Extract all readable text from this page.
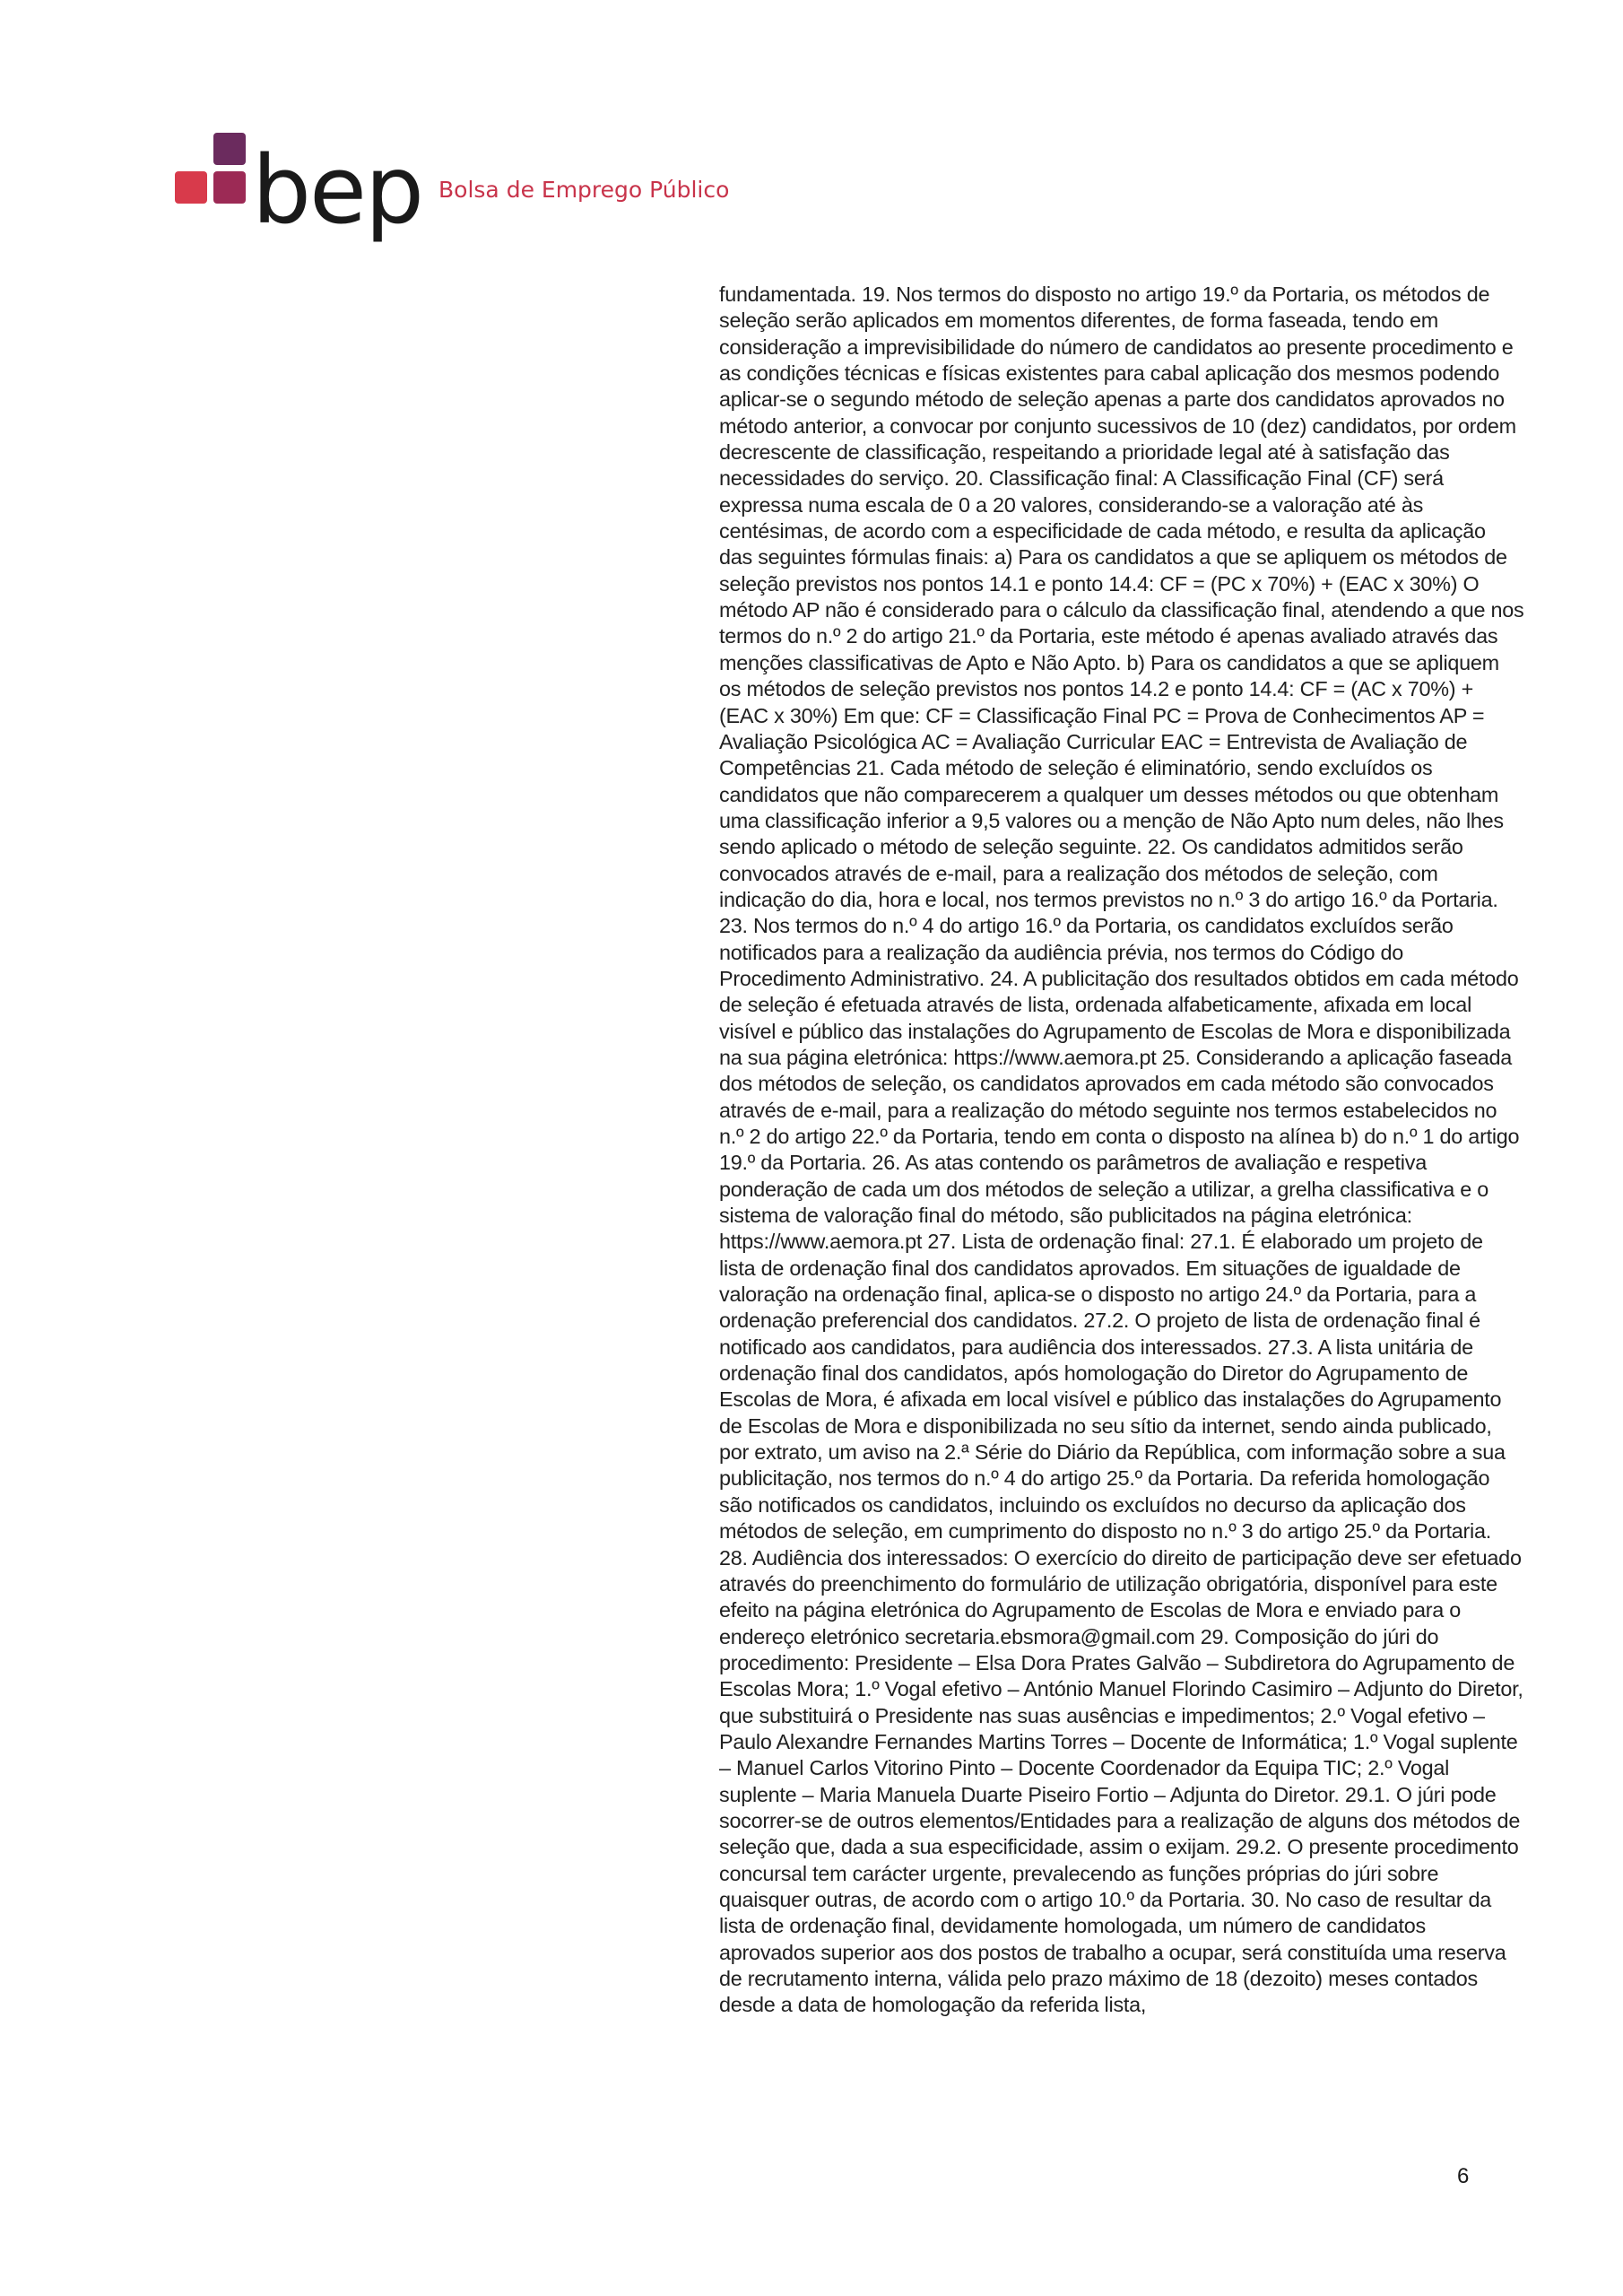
bep Bolsa de Emprego Público

fundamentada. 19. Nos termos do disposto no artigo 19.º da Portaria, os métodos de seleção serão aplicados em momentos diferentes, de forma faseada, tendo em consideração a imprevisibilidade do número de candidatos ao presente procedimento e as condições técnicas e físicas existentes para cabal aplicação dos mesmos podendo aplicar-se o segundo método de seleção apenas a parte dos candidatos aprovados no método anterior, a convocar por conjunto sucessivos de 10 (dez) candidatos, por ordem decrescente de classificação, respeitando a prioridade legal até à satisfação das necessidades do serviço. 20. Classificação final: A Classificação Final (CF) será expressa numa escala de 0 a 20 valores, considerando-se a valoração até às centésimas, de acordo com a especificidade de cada método, e resulta da aplicação das seguintes fórmulas finais: a) Para os candidatos a que se apliquem os métodos de seleção previstos nos pontos 14.1 e ponto 14.4: CF = (PC x 70%) + (EAC x 30%) O método AP não é considerado para o cálculo da classificação final, atendendo a que nos termos do n.º 2 do artigo 21.º da Portaria, este método é apenas avaliado através das menções classificativas de Apto e Não Apto. b) Para os candidatos a que se apliquem os métodos de seleção previstos nos pontos 14.2 e ponto 14.4: CF = (AC x 70%) + (EAC x 30%) Em que: CF = Classificação Final PC = Prova de Conhecimentos AP = Avaliação Psicológica AC = Avaliação Curricular EAC = Entrevista de Avaliação de Competências 21. Cada método de seleção é eliminatório, sendo excluídos os candidatos que não comparecerem a qualquer um desses métodos ou que obtenham uma classificação inferior a 9,5 valores ou a menção de Não Apto num deles, não lhes sendo aplicado o método de seleção seguinte. 22. Os candidatos admitidos serão convocados através de e-mail, para a realização dos métodos de seleção, com indicação do dia, hora e local, nos termos previstos no n.º 3 do artigo 16.º da Portaria. 23. Nos termos do n.º 4 do artigo 16.º da Portaria, os candidatos excluídos serão notificados para a realização da audiência prévia, nos termos do Código do Procedimento Administrativo. 24. A publicitação dos resultados obtidos em cada método de seleção é efetuada através de lista, ordenada alfabeticamente, afixada em local visível e público das instalações do Agrupamento de Escolas de Mora e disponibilizada na sua página eletrónica: https://www.aemora.pt 25. Considerando a aplicação faseada dos métodos de seleção, os candidatos aprovados em cada método são convocados através de e-mail, para a realização do método seguinte nos termos estabelecidos no n.º 2 do artigo 22.º da Portaria, tendo em conta o disposto na alínea b) do n.º 1 do artigo 19.º da Portaria. 26. As atas contendo os parâmetros de avaliação e respetiva ponderação de cada um dos métodos de seleção a utilizar, a grelha classificativa e o sistema de valoração final do método, são publicitados na página eletrónica: https://www.aemora.pt 27. Lista de ordenação final: 27.1. É elaborado um projeto de lista de ordenação final dos candidatos aprovados. Em situações de igualdade de valoração na ordenação final, aplica-se o disposto no artigo 24.º da Portaria, para a ordenação preferencial dos candidatos. 27.2. O projeto de lista de ordenação final é notificado aos candidatos, para audiência dos interessados. 27.3. A lista unitária de ordenação final dos candidatos, após homologação do Diretor do Agrupamento de Escolas de Mora, é afixada em local visível e público das instalações do Agrupamento de Escolas de Mora e disponibilizada no seu sítio da internet, sendo ainda publicado, por extrato, um aviso na 2.ª Série do Diário da República, com informação sobre a sua publicitação, nos termos do n.º 4 do artigo 25.º da Portaria. Da referida homologação são notificados os candidatos, incluindo os excluídos no decurso da aplicação dos métodos de seleção, em cumprimento do disposto no n.º 3 do artigo 25.º da Portaria. 28. Audiência dos interessados: O exercício do direito de participação deve ser efetuado através do preenchimento do formulário de utilização obrigatória, disponível para este efeito na página eletrónica do Agrupamento de Escolas de Mora e enviado para o endereço eletrónico secretaria.ebsmora@gmail.com 29. Composição do júri do procedimento: Presidente – Elsa Dora Prates Galvão – Subdiretora do Agrupamento de Escolas Mora; 1.º Vogal efetivo – António Manuel Florindo Casimiro – Adjunto do Diretor, que substituirá o Presidente nas suas ausências e impedimentos; 2.º Vogal efetivo – Paulo Alexandre Fernandes Martins Torres – Docente de Informática; 1.º Vogal suplente – Manuel Carlos Vitorino Pinto – Docente Coordenador da Equipa TIC; 2.º Vogal suplente – Maria Manuela Duarte Piseiro Fortio – Adjunta do Diretor. 29.1. O júri pode socorrer-se de outros elementos/Entidades para a realização de alguns dos métodos de seleção que, dada a sua especificidade, assim o exijam. 29.2. O presente procedimento concursal tem carácter urgente, prevalecendo as funções próprias do júri sobre quaisquer outras, de acordo com o artigo 10.º da Portaria. 30. No caso de resultar da lista de ordenação final, devidamente homologada, um número de candidatos aprovados superior aos dos postos de trabalho a ocupar, será constituída uma reserva de recrutamento interna, válida pelo prazo máximo de 18 (dezoito) meses contados desde a data de homologação da referida lista,

6
